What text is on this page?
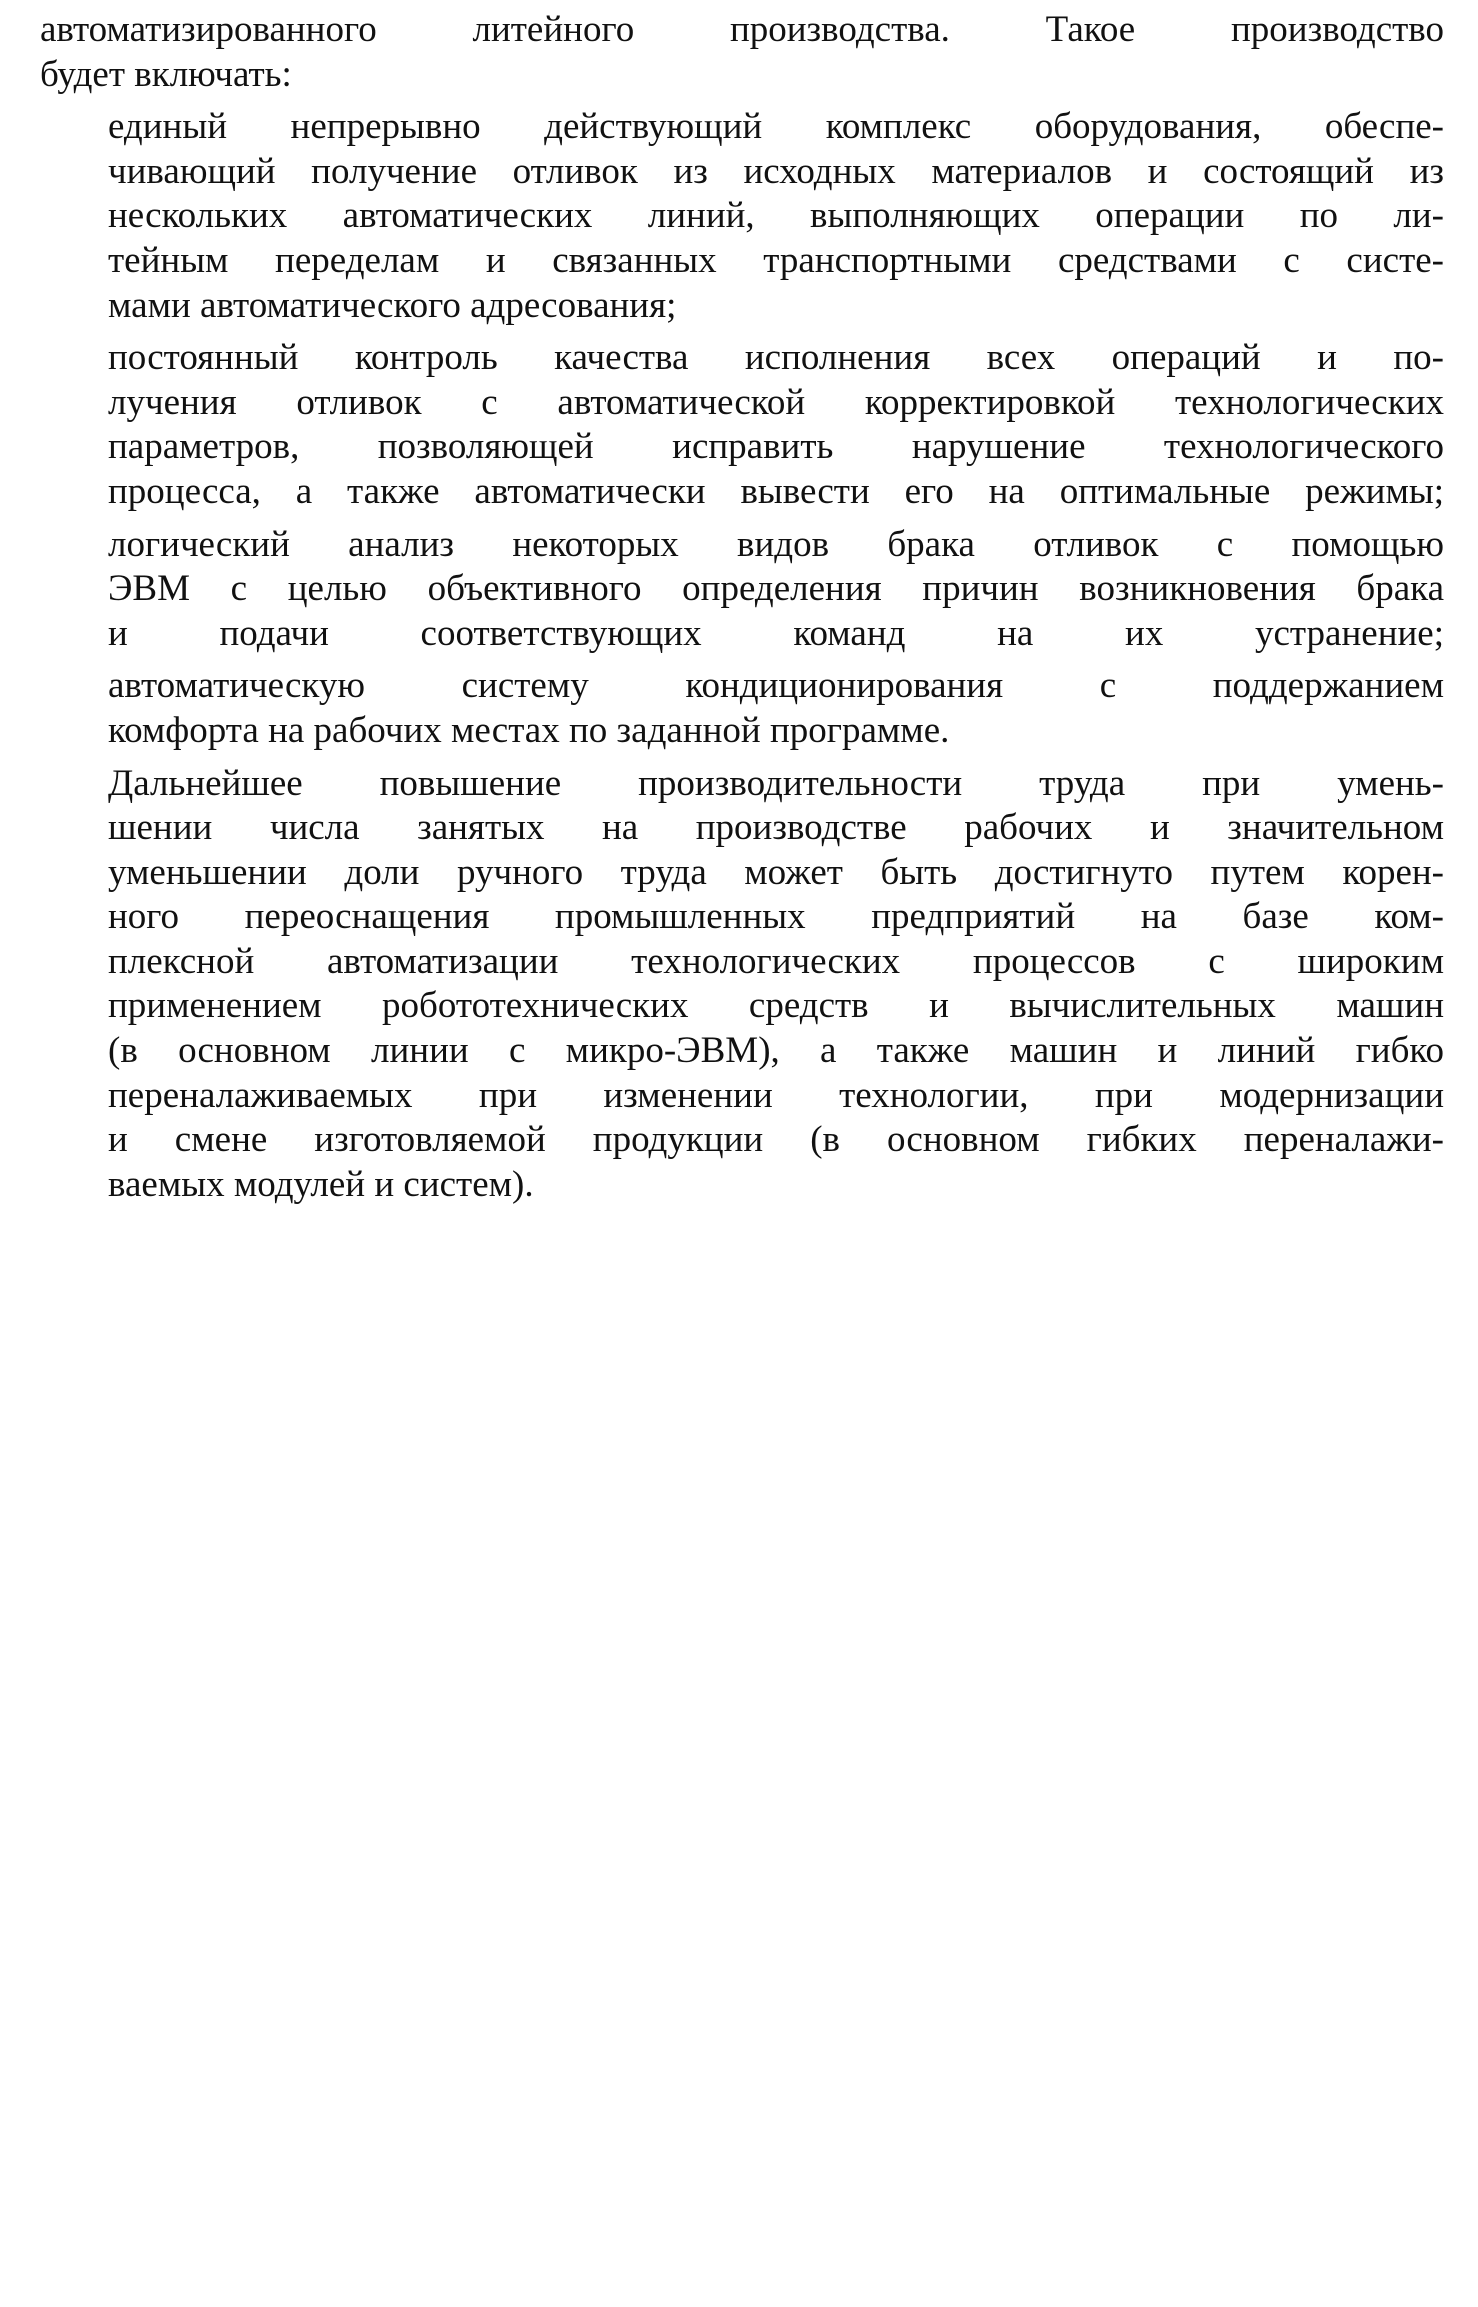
автоматизированного литейного производства. Такое производство
будет включать:

единый непрерывно действующий комплекс оборудования, обеспе-
чивающий получение отливок из исходных материалов и состоящий из
нескольких автоматических линий, выполняющих операции по ли-
тейным переделам и связанных транспортными средствами с систе-
мами автоматического адресования;

постоянный контроль качества исполнения всех операций и по-
лучения отливок с автоматической корректировкой технологических
параметров, позволяющей исправить нарушение технологического
процесса, а также автоматически вывести его на оптимальные режимы;

логический анализ некоторых видов брака отливок с помощью
ЭВМ с целью объективного определения причин возникновения брака
и подачи соответствующих команд на их устранение;

автоматическую систему кондиционирования с поддержанием
комфорта на рабочих местах по заданной программе.

Дальнейшее повышение производительности труда при умень-
шении числа занятых на производстве рабочих и значительном
уменьшении доли ручного труда может быть достигнуто путем корен-
ного переоснащения промышленных предприятий на базе ком-
плексной автоматизации технологических процессов с широким
применением робототехнических средств и вычислительных машин
(в основном линии с микро-ЭВМ), а также машин и линий гибко
переналаживаемых при изменении технологии, при модернизации
и смене изготовляемой продукции (в основном гибких переналажи-
ваемых модулей и систем).
